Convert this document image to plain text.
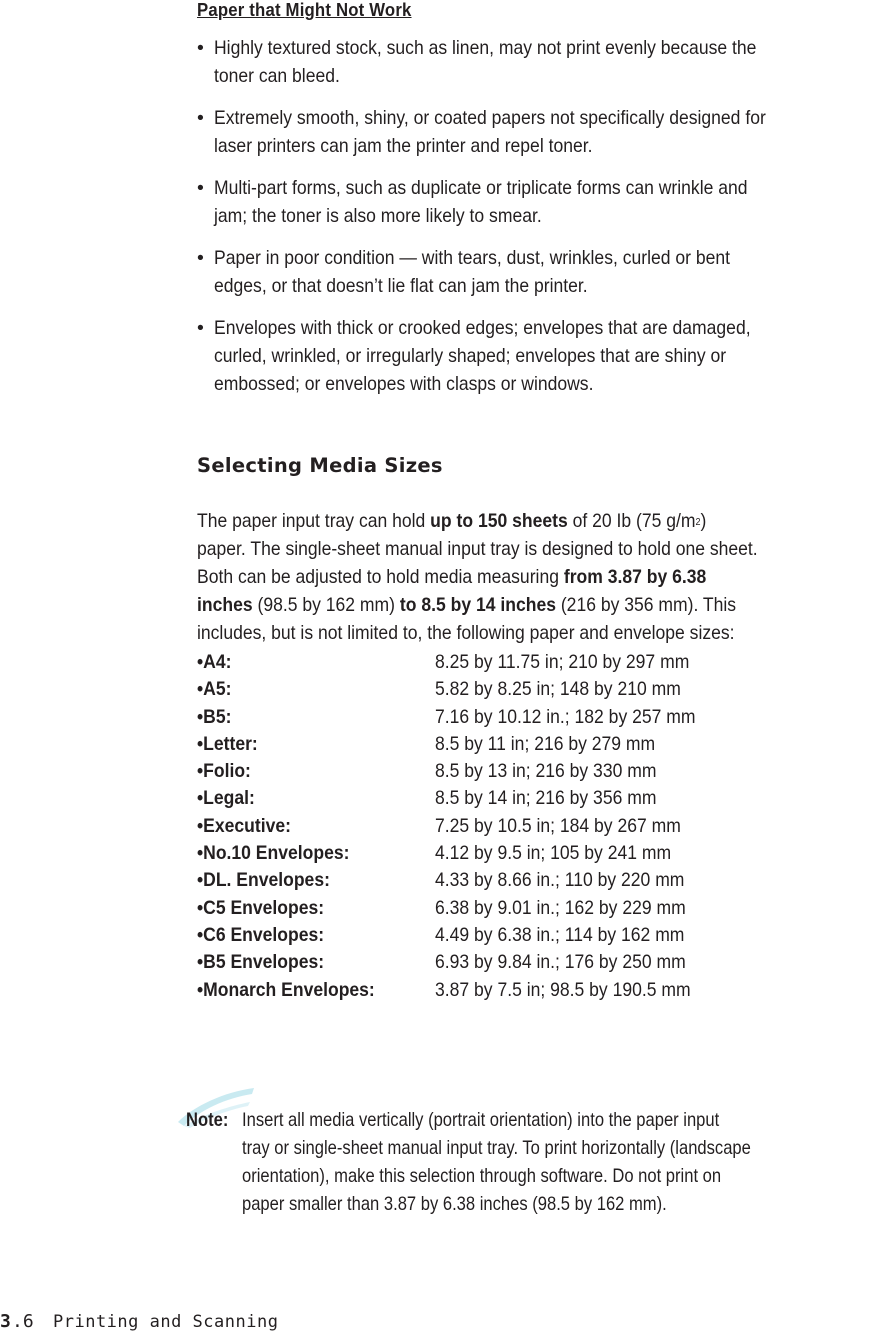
Paper that Might Not Work
• Highly textured stock, such as linen, may not print evenly because the
toner can bleed.
• Extremely smooth, shiny, or coated papers not specifically designed for
laser printers can jam the printer and repel toner.
• Multi-part forms, such as duplicate or triplicate forms can wrinkle and
jam; the toner is also more likely to smear.
• Paper in poor condition — with tears, dust, wrinkles, curled or bent
edges, or that doesn’t lie flat can jam the printer.
• Envelopes with thick or crooked edges; envelopes that are damaged,
curled, wrinkled, or irregularly shaped; envelopes that are shiny or
embossed; or envelopes with clasps or windows.
Selecting Media Sizes
The paper input tray can hold up to 150 sheets of 20 Ib (75 $g/m^2$)
paper. The single-sheet manual input tray is designed to hold one sheet.
Both can be adjusted to hold media measuring from 3.87 by 6.38
inches (98.5 by 162 mm) to 8.5 by 14 inches (216 by 356 mm). This
includes, but is not limited to, the following paper and envelope sizes:
•A4:	8.25 by 11.75 in; 210 by 297 mm
•A5:	5.82 by 8.25 in; 148 by 210 mm
•B5:	7.16 by 10.12 in.; 182 by 257 mm
•Letter:	8.5 by 11 in; 216 by 279 mm
•Folio:	8.5 by 13 in; 216 by 330 mm
•Legal:	8.5 by 14 in; 216 by 356 mm
•Executive:	7.25 by 10.5 in; 184 by 267 mm
•No.10 Envelopes:	4.12 by 9.5 in; 105 by 241 mm
•DL. Envelopes:	4.33 by 8.66 in.; 110 by 220 mm
•C5 Envelopes:	6.38 by 9.01 in.; 162 by 229 mm
•C6 Envelopes:	4.49 by 6.38 in.; 114 by 162 mm
•B5 Envelopes:	6.93 by 9.84 in.; 176 by 250 mm
•Monarch Envelopes:	3.87 by 7.5 in; 98.5 by 190.5 mm
Note: Insert all media vertically (portrait orientation) into the paper input
tray or single-sheet manual input tray. To print horizontally (landscape
orientation), make this selection through software. Do not print on
paper smaller than 3.87 by 6.38 inches (98.5 by 162 mm).
3 .6 Printing and Scanning
